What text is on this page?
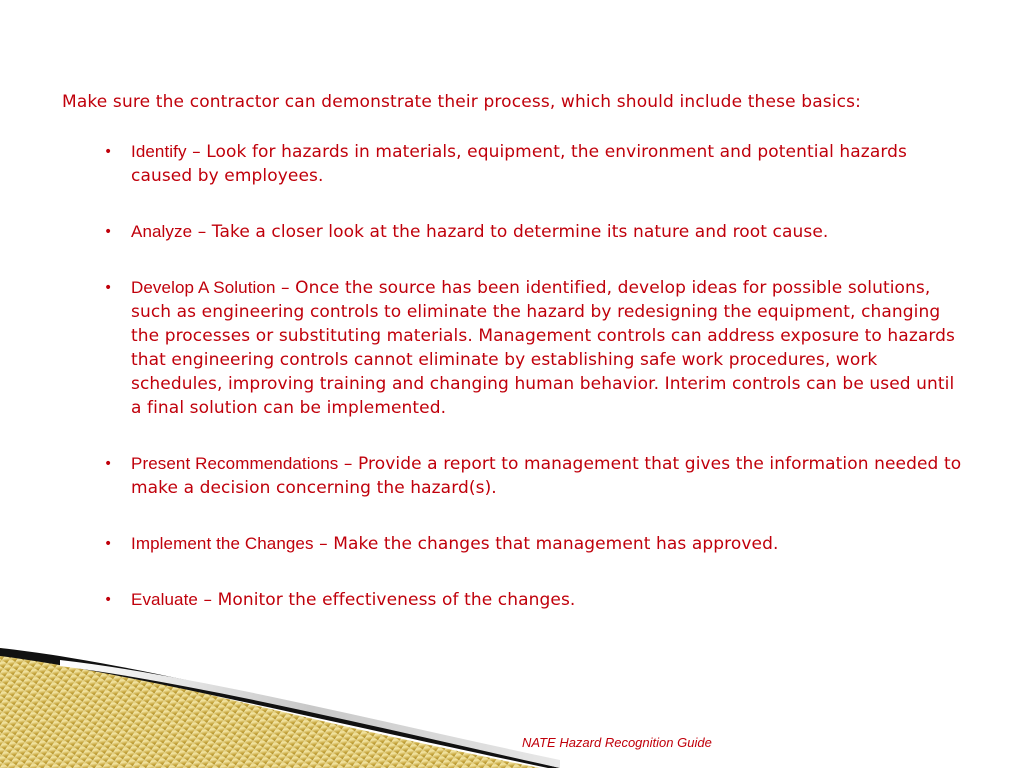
Make sure the contractor can demonstrate their process, which should include these basics:

•	Identify – Look for hazards in materials, equipment, the environment and potential hazards caused by employees.
•	Analyze – Take a closer look at the hazard to determine its nature and root cause.
•	Develop A Solution – Once the source has been identified, develop ideas for possible solutions, such as engineering controls to eliminate the hazard by redesigning the equipment, changing the processes or substituting materials. Management controls can address exposure to hazards that engineering controls cannot eliminate by establishing safe work procedures, work schedules, improving training and changing human behavior. Interim controls can be used until a final solution can be implemented.
•	Present Recommendations – Provide a report to management that gives the information needed to make a decision concerning the hazard(s).
•	Implement the Changes – Make the changes that management has approved.
•	Evaluate – Monitor the effectiveness of the changes.
NATE Hazard Recognition Guide
